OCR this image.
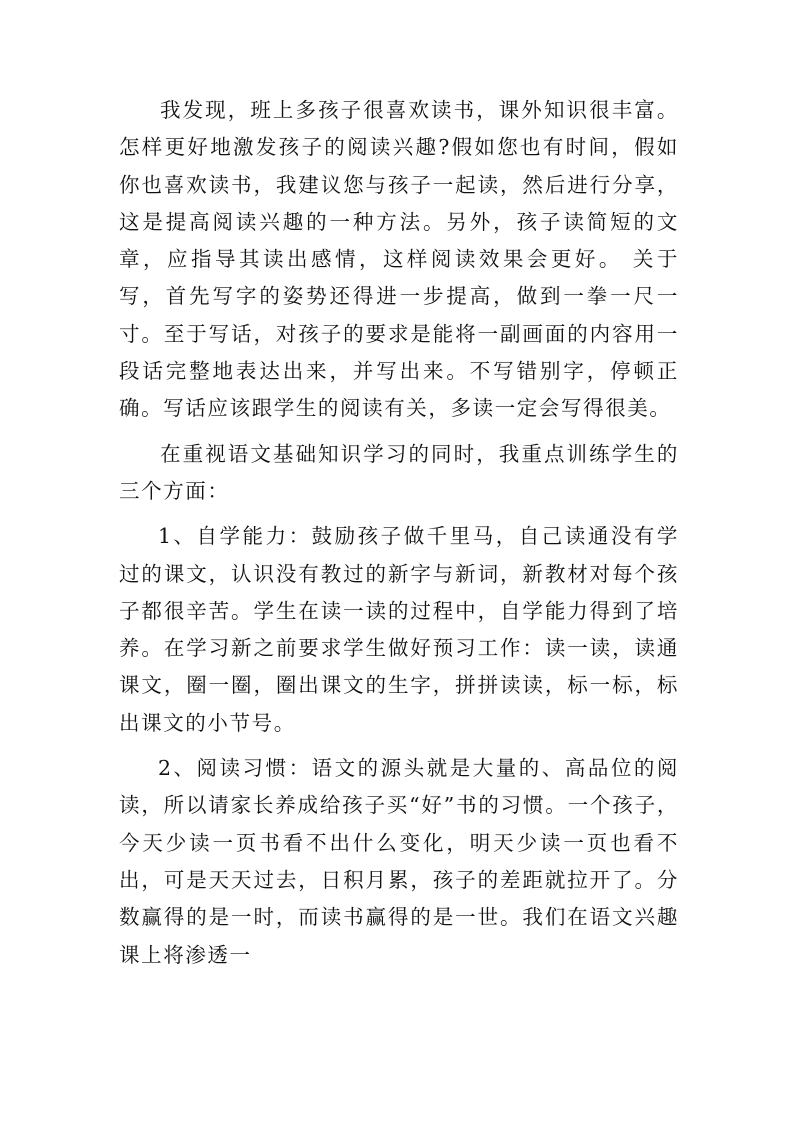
我发现，班上多孩子很喜欢读书，课外知识很丰富。怎样更好地激发孩子的阅读兴趣?假如您也有时间，假如你也喜欢读书，我建议您与孩子一起读，然后进行分享，这是提高阅读兴趣的一种方法。另外，孩子读简短的文章，应指导其读出感情，这样阅读效果会更好。 关于写，首先写字的姿势还得进一步提高，做到一拳一尺一寸。至于写话，对孩子的要求是能将一副画面的内容用一段话完整地表达出来，并写出来。不写错别字，停顿正确。写话应该跟学生的阅读有关，多读一定会写得很美。

在重视语文基础知识学习的同时，我重点训练学生的三个方面：

1、自学能力：鼓励孩子做千里马，自己读通没有学过的课文，认识没有教过的新字与新词，新教材对每个孩子都很辛苦。学生在读一读的过程中，自学能力得到了培养。在学习新之前要求学生做好预习工作：读一读，读通课文，圈一圈，圈出课文的生字，拼拼读读，标一标，标出课文的小节号。

2、阅读习惯：语文的源头就是大量的、高品位的阅读，所以请家长养成给孩子买“好”书的习惯。一个孩子，今天少读一页书看不出什么变化，明天少读一页也看不出，可是天天过去，日积月累，孩子的差距就拉开了。分数赢得的是一时，而读书赢得的是一世。我们在语文兴趣课上将渗透一
